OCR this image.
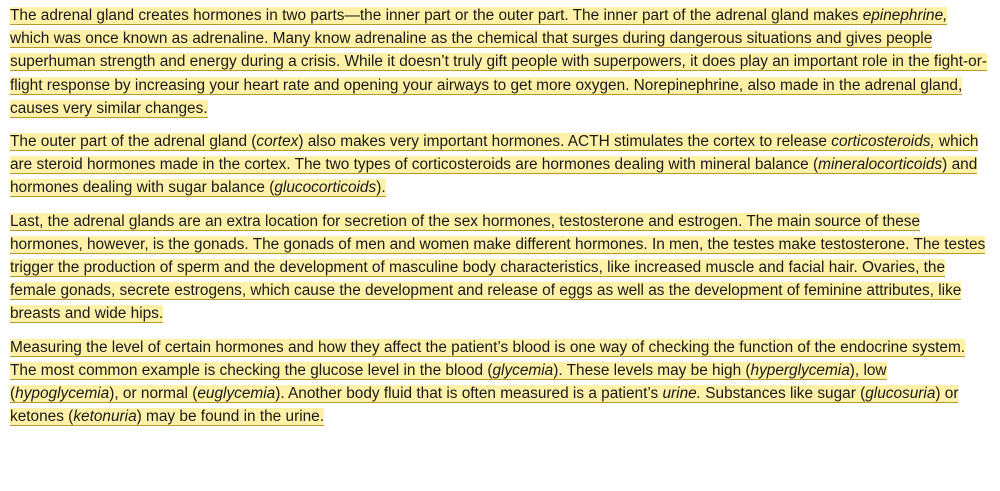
The adrenal gland creates hormones in two parts—the inner part or the outer part. The inner part of the adrenal gland makes epinephrine, which was once known as adrenaline. Many know adrenaline as the chemical that surges during dangerous situations and gives people superhuman strength and energy during a crisis. While it doesn’t truly gift people with superpowers, it does play an important role in the fight-or-flight response by increasing your heart rate and opening your airways to get more oxygen. Norepinephrine, also made in the adrenal gland, causes very similar changes.

The outer part of the adrenal gland (cortex) also makes very important hormones. ACTH stimulates the cortex to release corticosteroids, which are steroid hormones made in the cortex. The two types of corticosteroids are hormones dealing with mineral balance (mineralocorticoids) and hormones dealing with sugar balance (glucocorticoids).

Last, the adrenal glands are an extra location for secretion of the sex hormones, testosterone and estrogen. The main source of these hormones, however, is the gonads. The gonads of men and women make different hormones. In men, the testes make testosterone. The testes trigger the production of sperm and the development of masculine body characteristics, like increased muscle and facial hair. Ovaries, the female gonads, secrete estrogens, which cause the development and release of eggs as well as the development of feminine attributes, like breasts and wide hips.

Measuring the level of certain hormones and how they affect the patient’s blood is one way of checking the function of the endocrine system. The most common example is checking the glucose level in the blood (glycemia). These levels may be high (hyperglycemia), low (hypoglycemia), or normal (euglycemia). Another body fluid that is often measured is a patient’s urine. Substances like sugar (glucosuria) or ketones (ketonuria) may be found in the urine.
